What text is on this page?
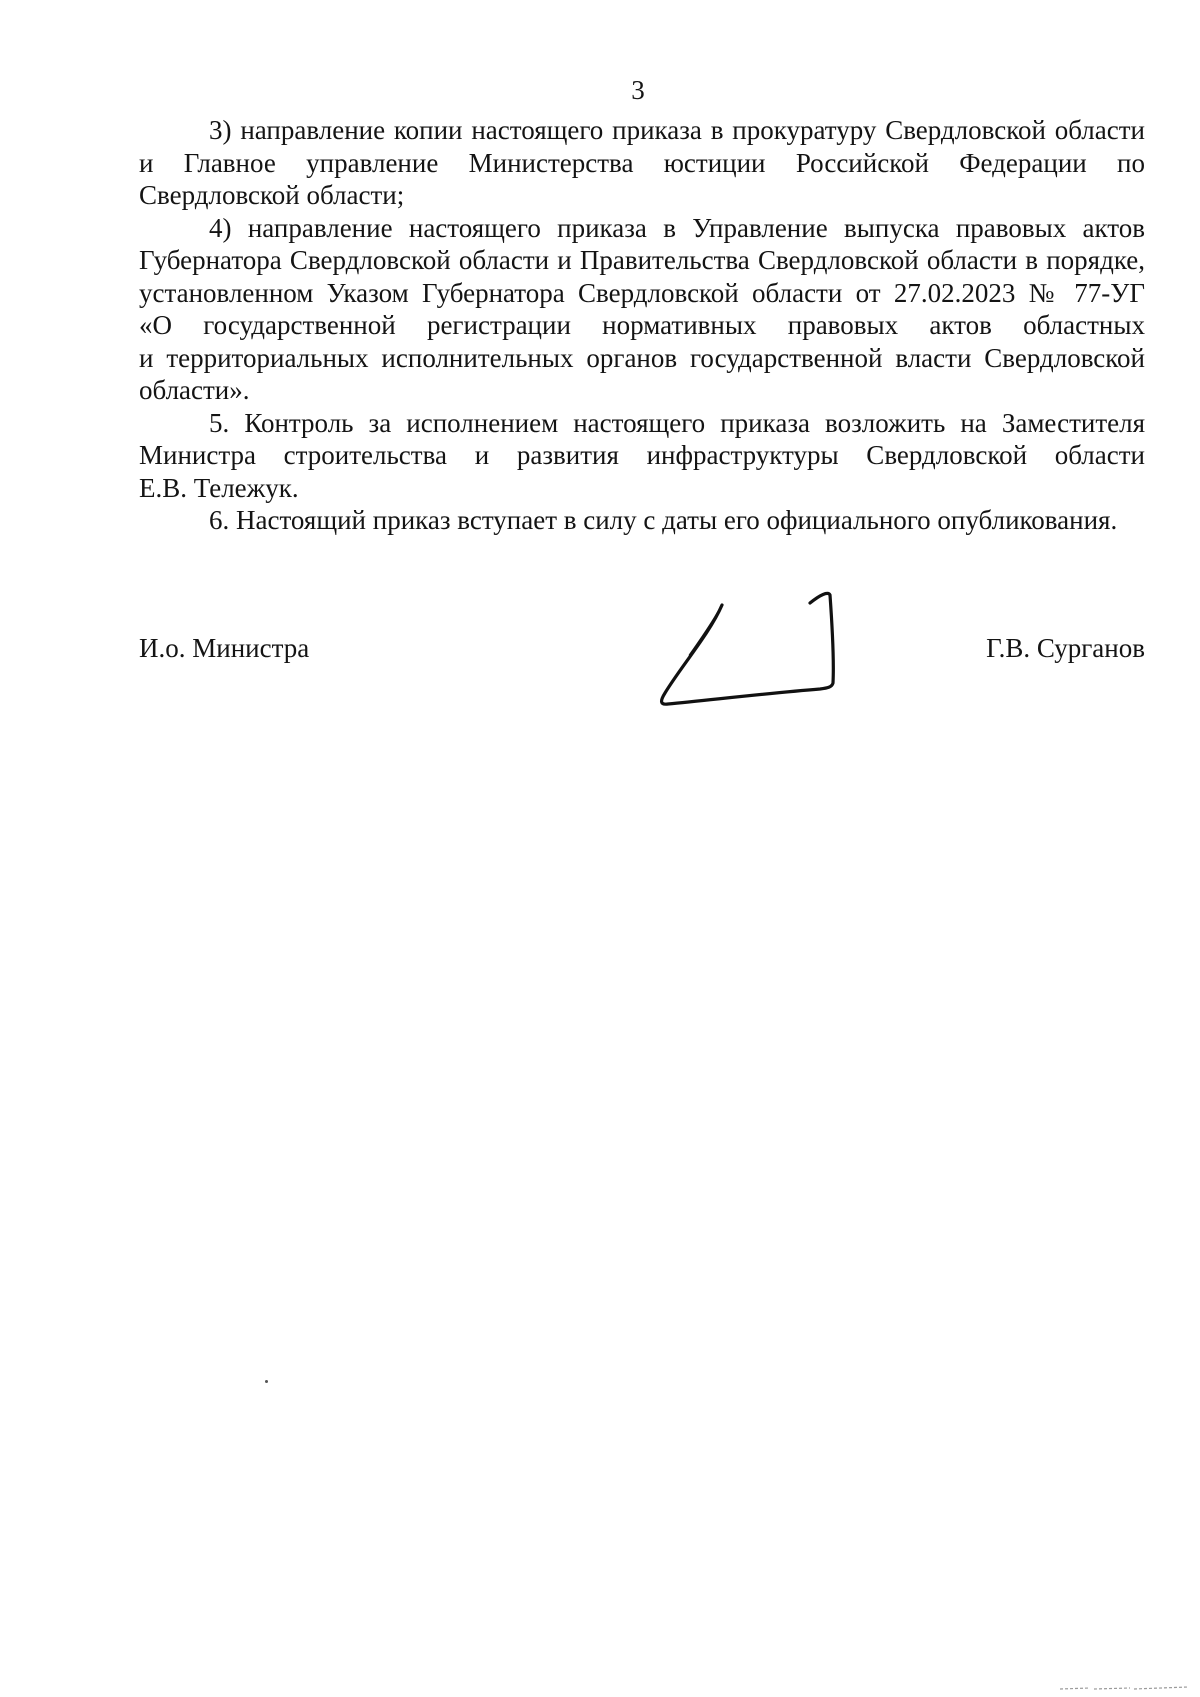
3

3) направление копии настоящего приказа в прокуратуру Свердловской области и Главное управление Министерства юстиции Российской Федерации по Свердловской области;

4) направление настоящего приказа в Управление выпуска правовых актов Губернатора Свердловской области и Правительства Свердловской области в порядке, установленном Указом Губернатора Свердловской области от 27.02.2023 № 77-УГ «О государственной регистрации нормативных правовых актов областных и территориальных исполнительных органов государственной власти Свердловской области».

5. Контроль за исполнением настоящего приказа возложить на Заместителя Министра строительства и развития инфраструктуры Свердловской области Е.В. Тележук.

6. Настоящий приказ вступает в силу с даты его официального опубликования.

И.о. Министра	Г.В. Сурганов
